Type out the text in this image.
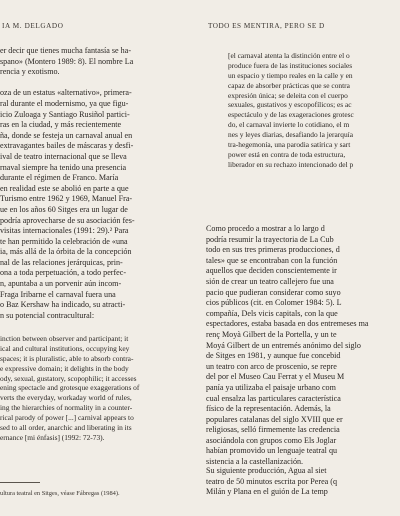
IA M. DELGADO	TODO ES MENTIRA, PERO SE D
er decir que tienes mucha fantasía se ha-
spano» (Montero 1989: 8). El nombre La
rencia y exotismo.
oza de un estatus «alternativo», primera-
ral durante el modernismo, ya que figu-
icio Zuloaga y Santiago Rusiñol partici-
ras en la ciudad, y más recientemente
ña, donde se festeja un carnaval anual en
extravagantes bailes de máscaras y desfi-
ival de teatro internacional que se lleva
rnaval siempre ha tenido una presencia
durante el régimen de Franco. María
en realidad este se abolió en parte a que
Turismo entre 1962 y 1969, Manuel Fra-
ue en los años 60 Sitges era un lugar de
podría aprovecharse de su asociación fes-
visitas internacionales (1991: 29).² Para
te han permitido la celebración de «una
ia, más allá de la órbita de la concepción
nal de las relaciones jerárquicas, prin-
ona a toda perpetuación, a todo perfec-
n, apuntaba a un porvenir aún incom-
Fraga Iribarne el carnaval fuera una
o Baz Kershaw ha indicado, su atracti-
n su potencial contracultural:
inction between observer and participant; it
ical and cultural institutions, occupying key
spaces; it is pluralistic, able to absorb contra-
e expressive domain; it delights in the body
ody, sexual, gustatory, scopophilic; it accesses
ening spectacle and grotesque exaggerations of
verts the everyday, workaday world of rules,
ing the hierarchies of normality in a counter-
rical parody of power [...] carnival appears to
sed to all order, anarchic and liberating in its
ernance [mi énfasis] (1992: 72-73).
ultura teatral en Sitges, véase Fábregas (1984).
[el carnaval atenta la distinción entre el o
produce fuera de las instituciones sociales
un espacio y tiempo reales en la calle y en
capaz de absorber prácticas que se contra
expresión única; se deleita con el cuerpo
sexuales, gustativos y escopofílicos; es ac
espectáculo y de las exageraciones grotesc
do, el carnaval invierte lo cotidiano, el m
nes y leyes diarias, desafiando la jerarquía
tra-hegemonía, una parodia satírica y sart
power está en contra de toda estructura,
liberador en su rechazo intencionado del p
Como procedo a mostrar a lo largo d
podría resumir la trayectoria de La Cub
todo en sus tres primeras producciones, d
tales» que se encontraban con la función
aquellos que deciden conscientemente ir
sión de crear un teatro callejero fue una
pacio que pudieran considerar como suyo
cios públicos (cit. en Colomer 1984: 5). L
compañía, Dels vicis capitals, con la que
espectadores, estaba basada en dos entremeses ma
renç Moyà Gilbert de la Portella, y un te
Moyá Gilbert de un entremés anónimo del siglo
de Sitges en 1981, y aunque fue concebid
un teatro con arco de proscenio, se repre
del por el Museo Cau Ferrat y el Museu M
panía ya utilizaba el paisaje urbano com
cual ensalza las particulares característica
físico de la representación. Además, la
populares catalanas del siglo XVIII que er
religiosas, selló firmemente las credencia
asociándola con grupos como Els Joglar
habían promovido un lenguaje teatral qu
sistencia a la castellanización.
Su siguiente producción, Agua al siet
teatro de 50 minutos escrita por Perea (q
Milán y Plana en el guión de La temp
